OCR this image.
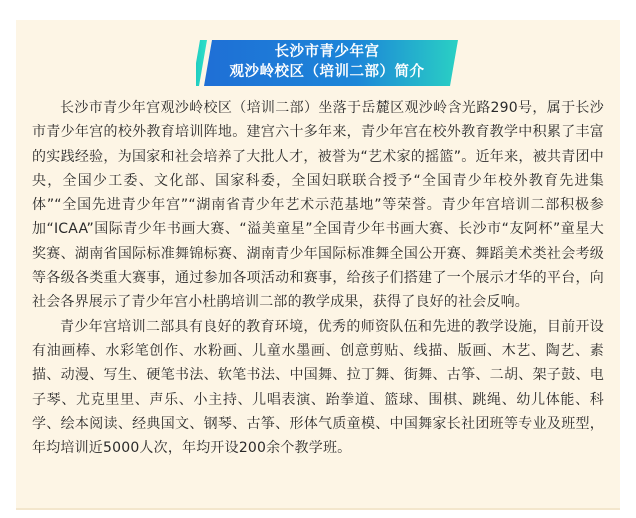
长沙市青少年宫
观沙岭校区（培训二部）简介

长沙市青少年宫观沙岭校区（培训二部）坐落于岳麓区观沙岭含光路290号，属于长沙市青少年宫的校外教育培训阵地。建宫六十多年来，青少年宫在校外教育教学中积累了丰富的实践经验，为国家和社会培养了大批人才，被誉为“艺术家的摇篮”。近年来，被共青团中央，全国少工委、文化部、国家科委，全国妇联联合授予“全国青少年校外教育先进集体”“全国先进青少年宫”“湖南省青少年艺术示范基地”等荣誉。青少年宫培训二部积极参加“ICAA”国际青少年书画大赛、“溢美童星”全国青少年书画大赛、长沙市“友阿杯”童星大奖赛、湖南省国际标准舞锦标赛、湖南青少年国际标准舞全国公开赛、舞蹈美术类社会考级等各级各类重大赛事，通过参加各项活动和赛事，给孩子们搭建了一个展示才华的平台，向社会各界展示了青少年宫小杜鹃培训二部的教学成果，获得了良好的社会反响。

青少年宫培训二部具有良好的教育环境，优秀的师资队伍和先进的教学设施，目前开设有油画棒、水彩笔创作、水粉画、儿童水墨画、创意剪贴、线描、版画、木艺、陶艺、素描、动漫、写生、硬笔书法、软笔书法、中国舞、拉丁舞、街舞、古筝、二胡、架子鼓、电子琴、尤克里里、声乐、小主持、儿唱表演、跆拳道、篮球、围棋、跳绳、幼儿体能、科学、绘本阅读、经典国文、钢琴、古筝、形体气质童模、中国舞家长社团班等专业及班型，年均培训近5000人次，年均开设200余个教学班。
